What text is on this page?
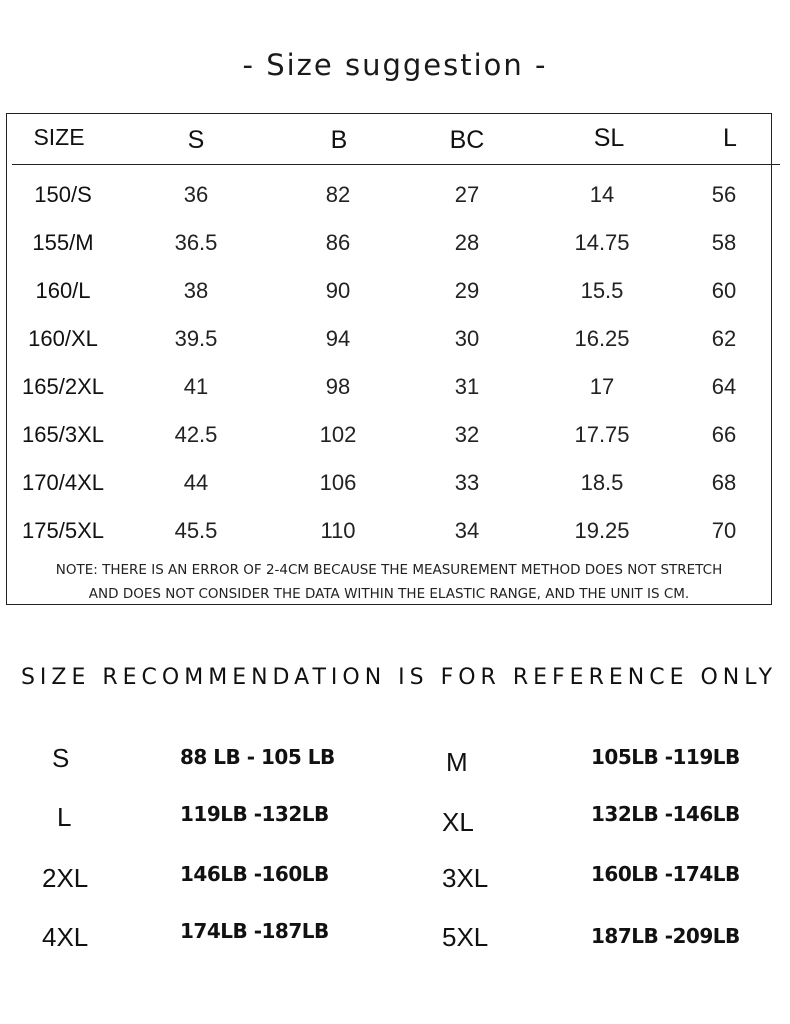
- Size suggestion -
SIZE	S	B	BC	SL	L
150/S	36	82	27	14	56
155/M	36.5	86	28	14.75	58
160/L	38	90	29	15.5	60
160/XL	39.5	94	30	16.25	62
165/2XL	41	98	31	17	64
165/3XL	42.5	102	32	17.75	66
170/4XL	44	106	33	18.5	68
175/5XL	45.5	110	34	19.25	70
NOTE: THERE IS AN ERROR OF 2-4CM BECAUSE THE MEASUREMENT METHOD DOES NOT STRETCH
AND DOES NOT CONSIDER THE DATA WITHIN THE ELASTIC RANGE, AND THE UNIT IS CM.
SIZE RECOMMENDATION IS FOR REFERENCE ONLY
S	88 LB - 105 LB	M	105LB -119LB
L	119LB -132LB	XL	132LB -146LB
2XL	146LB -160LB	3XL	160LB -174LB
4XL	174LB -187LB	5XL	187LB -209LB
